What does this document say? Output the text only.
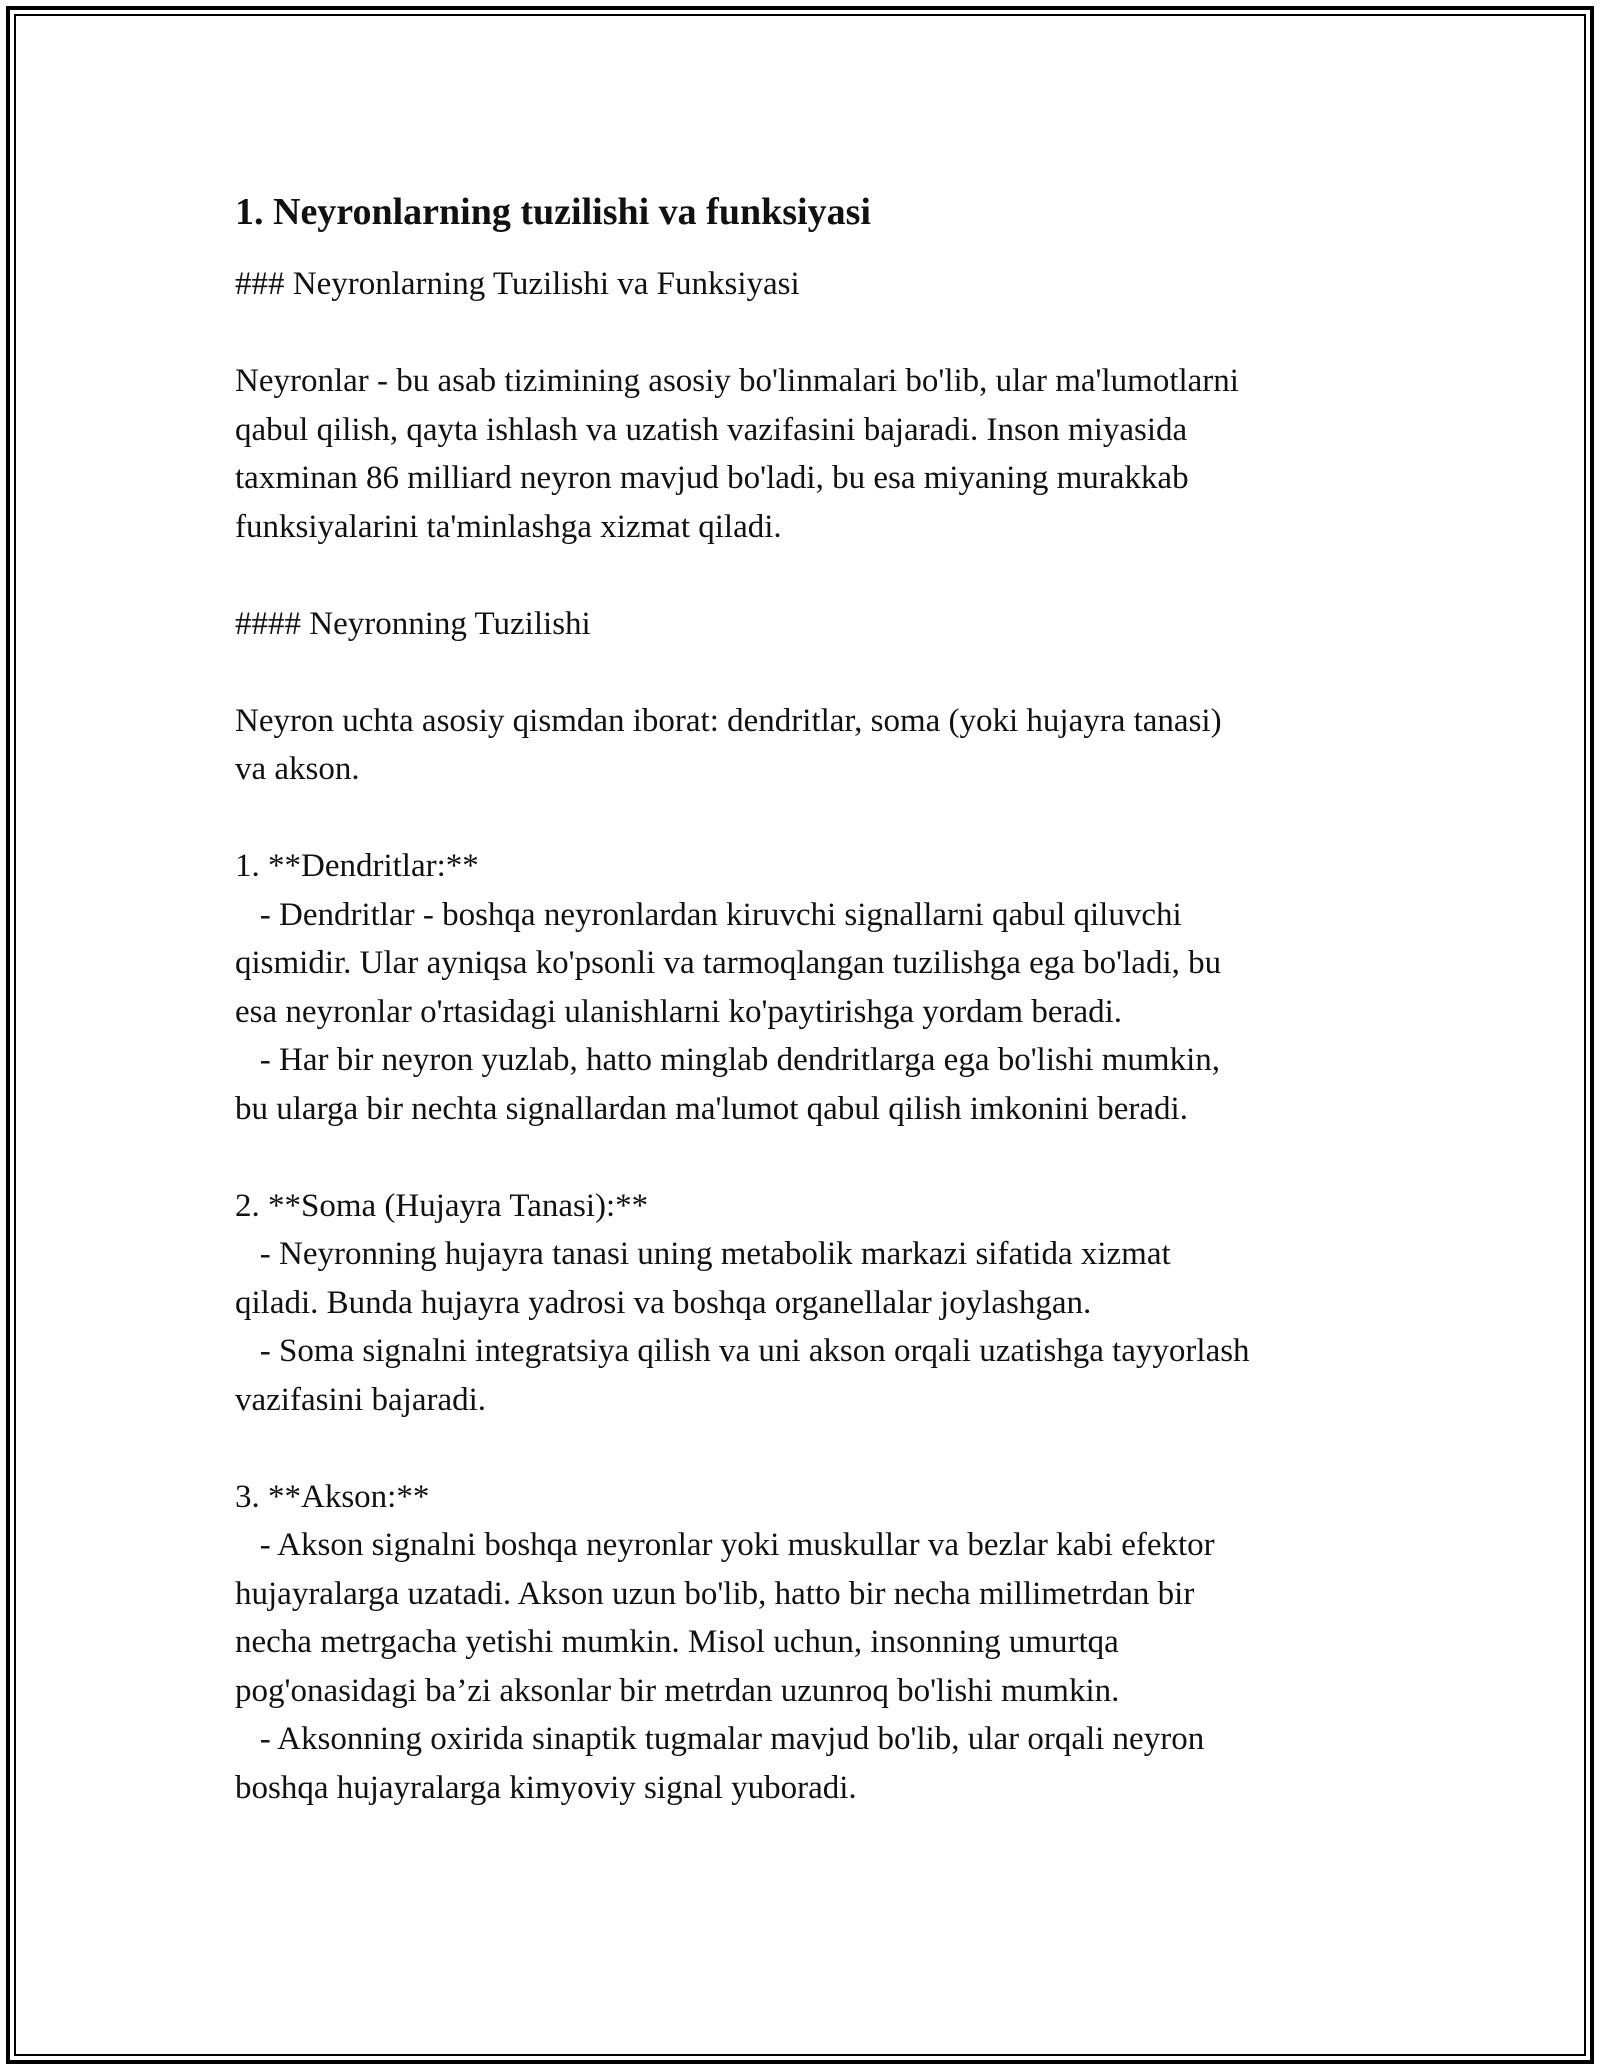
1. Neyronlarning tuzilishi va funksiyasi

### Neyronlarning Tuzilishi va Funksiyasi

Neyronlar - bu asab tizimining asosiy bo'linmalari bo'lib, ular ma'lumotlarni

qabul qilish, qayta ishlash va uzatish vazifasini bajaradi. Inson miyasida

taxminan 86 milliard neyron mavjud bo'ladi, bu esa miyaning murakkab

funksiyalarini ta'minlashga xizmat qiladi.

#### Neyronning Tuzilishi

Neyron uchta asosiy qismdan iborat: dendritlar, soma (yoki hujayra tanasi)

va akson.

1. **Dendritlar:**

- Dendritlar - boshqa neyronlardan kiruvchi signallarni qabul qiluvchi

qismidir. Ular ayniqsa ko'psonli va tarmoqlangan tuzilishga ega bo'ladi, bu

esa neyronlar o'rtasidagi ulanishlarni ko'paytirishga yordam beradi.

- Har bir neyron yuzlab, hatto minglab dendritlarga ega bo'lishi mumkin,

bu ularga bir nechta signallardan ma'lumot qabul qilish imkonini beradi.

2. **Soma (Hujayra Tanasi):**

- Neyronning hujayra tanasi uning metabolik markazi sifatida xizmat

qiladi. Bunda hujayra yadrosi va boshqa organellalar joylashgan.

- Soma signalni integratsiya qilish va uni akson orqali uzatishga tayyorlash

vazifasini bajaradi.

3. **Akson:**

- Akson signalni boshqa neyronlar yoki muskullar va bezlar kabi efektor

hujayralarga uzatadi. Akson uzun bo'lib, hatto bir necha millimetrdan bir

necha metrgacha yetishi mumkin. Misol uchun, insonning umurtqa

pog'onasidagi ba’zi aksonlar bir metrdan uzunroq bo'lishi mumkin.

- Aksonning oxirida sinaptik tugmalar mavjud bo'lib, ular orqali neyron

boshqa hujayralarga kimyoviy signal yuboradi.
